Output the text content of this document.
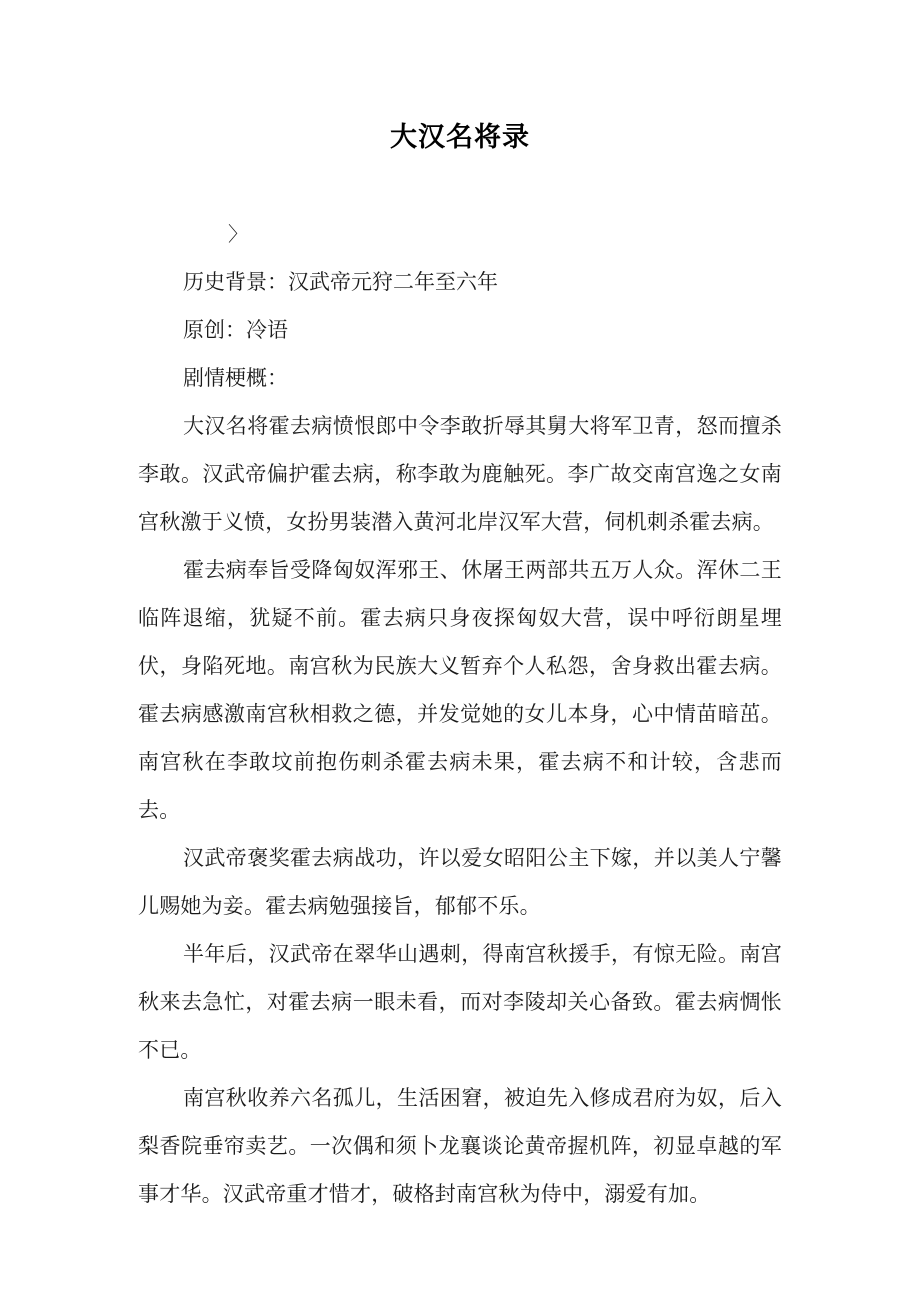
大汉名将录

〉

历史背景：汉武帝元狩二年至六年

原创：冷语

剧情梗概：

大汉名将霍去病愤恨郎中令李敢折辱其舅大将军卫青，怒而擅杀李敢。汉武帝偏护霍去病，称李敢为鹿触死。李广故交南宫逸之女南宫秋激于义愤，女扮男装潜入黄河北岸汉军大营，伺机刺杀霍去病。

霍去病奉旨受降匈奴浑邪王、休屠王两部共五万人众。浑休二王临阵退缩，犹疑不前。霍去病只身夜探匈奴大营，误中呼衍朗星埋伏，身陷死地。南宫秋为民族大义暂弃个人私怨，舍身救出霍去病。霍去病感激南宫秋相救之德，并发觉她的女儿本身，心中情苗暗茁。南宫秋在李敢坟前抱伤刺杀霍去病未果，霍去病不和计较，含悲而去。

汉武帝褒奖霍去病战功，许以爱女昭阳公主下嫁，并以美人宁馨儿赐她为妾。霍去病勉强接旨，郁郁不乐。

半年后，汉武帝在翠华山遇刺，得南宫秋援手，有惊无险。南宫秋来去急忙，对霍去病一眼未看，而对李陵却关心备致。霍去病惆怅不已。

南宫秋收养六名孤儿，生活困窘，被迫先入修成君府为奴，后入梨香院垂帘卖艺。一次偶和须卜龙襄谈论黄帝握机阵，初显卓越的军事才华。汉武帝重才惜才，破格封南宫秋为侍中，溺爱有加。
